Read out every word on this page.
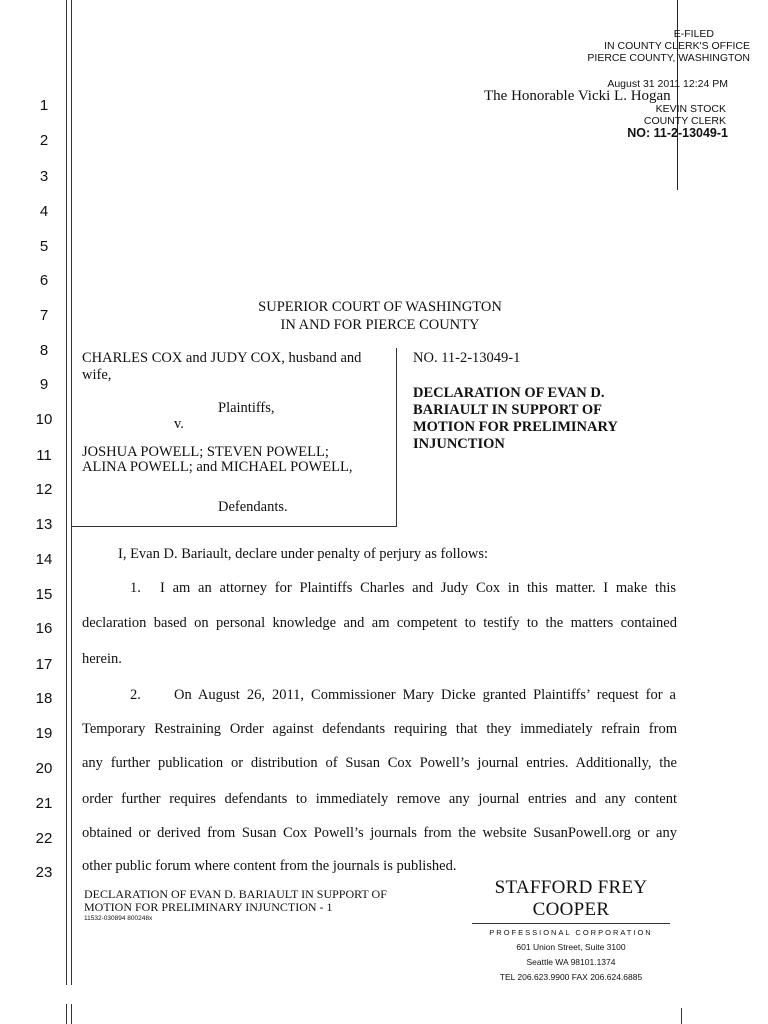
E-FILED
IN COUNTY CLERK'S OFFICE
PIERCE COUNTY, WASHINGTON
August 31 2011 12:24 PM
KEVIN STOCK
COUNTY CLERK
NO: 11-2-13049-1
The Honorable Vicki L. Hogan
1
2
3
4
5
6
7
8
9
10
11
12
13
14
15
16
17
18
19
20
21
22
23
SUPERIOR COURT OF WASHINGTON
IN AND FOR PIERCE COUNTY
CHARLES COX and JUDY COX, husband and
wife,
Plaintiffs,
v.
JOSHUA POWELL; STEVEN POWELL;
ALINA POWELL; and MICHAEL POWELL,
Defendants.
NO. 11-2-13049-1
DECLARATION OF EVAN D.
BARIAULT IN SUPPORT OF
MOTION FOR PRELIMINARY
INJUNCTION
I, Evan D. Bariault, declare under penalty of perjury as follows:
1. I am an attorney for Plaintiffs Charles and Judy Cox in this matter. I make this
declaration based on personal knowledge and am competent to testify to the matters contained
herein.
2. On August 26, 2011, Commissioner Mary Dicke granted Plaintiffs’ request for a
Temporary Restraining Order against defendants requiring that they immediately refrain from
any further publication or distribution of Susan Cox Powell’s journal entries. Additionally, the
order further requires defendants to immediately remove any journal entries and any content
obtained or derived from Susan Cox Powell’s journals from the website SusanPowell.org or any
other public forum where content from the journals is published.
DECLARATION OF EVAN D. BARIAULT IN SUPPORT OF
MOTION FOR PRELIMINARY INJUNCTION - 1
11532-030894 800248x
STAFFORD FREY COOPER
PROFESSIONAL CORPORATION
601 Union Street, Suite 3100
Seattle WA 98101.1374
TEL 206.623.9900 FAX 206.624.6885
